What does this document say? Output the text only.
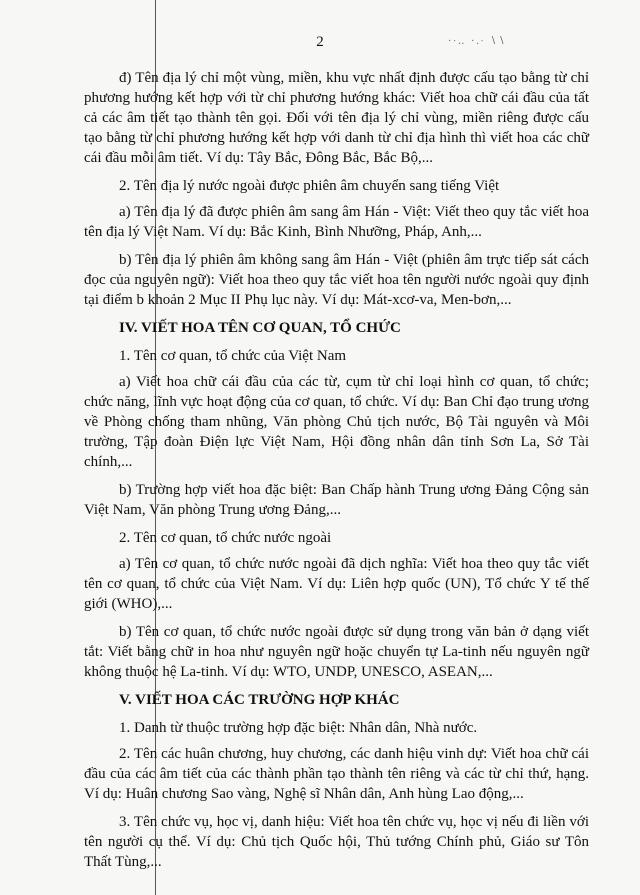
·∙‥ ·.∙ ∖∖
2

đ) Tên địa lý chỉ một vùng, miền, khu vực nhất định được cấu tạo bằng từ chỉ phương hướng kết hợp với từ chỉ phương hướng khác: Viết hoa chữ cái đầu của tất cả các âm tiết tạo thành tên gọi. Đối với tên địa lý chỉ vùng, miền riêng được cấu tạo bằng từ chỉ phương hướng kết hợp với danh từ chỉ địa hình thì viết hoa các chữ cái đầu mỗi âm tiết. Ví dụ: Tây Bắc, Đông Bắc, Bắc Bộ,...

2. Tên địa lý nước ngoài được phiên âm chuyển sang tiếng Việt

a) Tên địa lý đã được phiên âm sang âm Hán - Việt: Viết theo quy tắc viết hoa tên địa lý Việt Nam. Ví dụ: Bắc Kinh, Bình Nhưỡng, Pháp, Anh,...

b) Tên địa lý phiên âm không sang âm Hán - Việt (phiên âm trực tiếp sát cách đọc của nguyên ngữ): Viết hoa theo quy tắc viết hoa tên người nước ngoài quy định tại điểm b khoản 2 Mục II Phụ lục này. Ví dụ: Mát-xcơ-va, Men-bơn,...

IV. VIẾT HOA TÊN CƠ QUAN, TỔ CHỨC

1. Tên cơ quan, tổ chức của Việt Nam

a) Viết hoa chữ cái đầu của các từ, cụm từ chỉ loại hình cơ quan, tổ chức; chức năng, lĩnh vực hoạt động của cơ quan, tổ chức. Ví dụ: Ban Chỉ đạo trung ương về Phòng chống tham nhũng, Văn phòng Chủ tịch nước, Bộ Tài nguyên và Môi trường, Tập đoàn Điện lực Việt Nam, Hội đồng nhân dân tỉnh Sơn La, Sở Tài chính,...

b) Trường hợp viết hoa đặc biệt: Ban Chấp hành Trung ương Đảng Cộng sản Việt Nam, Văn phòng Trung ương Đảng,...

2. Tên cơ quan, tổ chức nước ngoài

a) Tên cơ quan, tổ chức nước ngoài đã dịch nghĩa: Viết hoa theo quy tắc viết tên cơ quan, tổ chức của Việt Nam. Ví dụ: Liên hợp quốc (UN), Tổ chức Y tế thế giới (WHO),...

b) Tên cơ quan, tổ chức nước ngoài được sử dụng trong văn bản ở dạng viết tắt: Viết bằng chữ in hoa như nguyên ngữ hoặc chuyển tự La-tinh nếu nguyên ngữ không thuộc hệ La-tinh. Ví dụ: WTO, UNDP, UNESCO, ASEAN,...

V. VIẾT HOA CÁC TRƯỜNG HỢP KHÁC

1. Danh từ thuộc trường hợp đặc biệt: Nhân dân, Nhà nước.

2. Tên các huân chương, huy chương, các danh hiệu vinh dự: Viết hoa chữ cái đầu của các âm tiết của các thành phần tạo thành tên riêng và các từ chỉ thứ, hạng. Ví dụ: Huân chương Sao vàng, Nghệ sĩ Nhân dân, Anh hùng Lao động,...

3. Tên chức vụ, học vị, danh hiệu: Viết hoa tên chức vụ, học vị nếu đi liền với tên người cụ thể. Ví dụ: Chủ tịch Quốc hội, Thủ tướng Chính phủ, Giáo sư Tôn Thất Tùng,...
